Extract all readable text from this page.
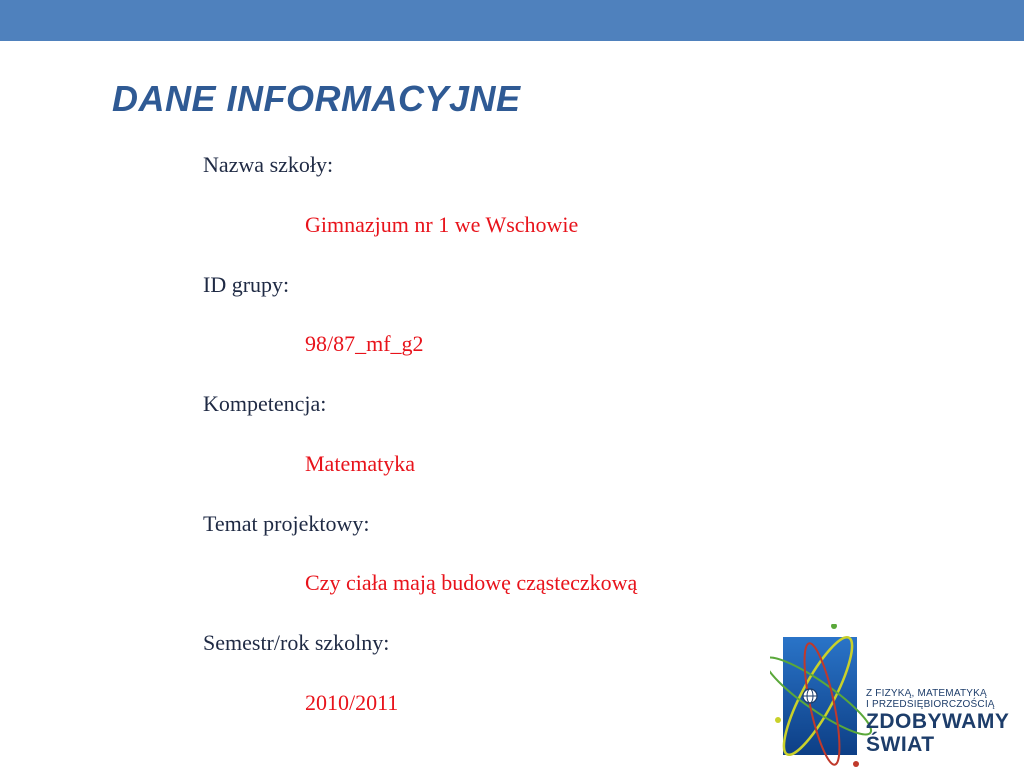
DANE INFORMACYJNE
Nazwa szkoły:
Gimnazjum nr 1 we Wschowie
ID grupy:
98/87_mf_g2
Kompetencja:
Matematyka
Temat projektowy:
Czy ciała mają budowę cząsteczkową
Semestr/rok szkolny:
2010/2011	Z FIZYKĄ, MATEMATYKĄ
I PRZEDSIĘBIORCZOŚCIĄ
ZDOBYWAMY
ŚWIAT
